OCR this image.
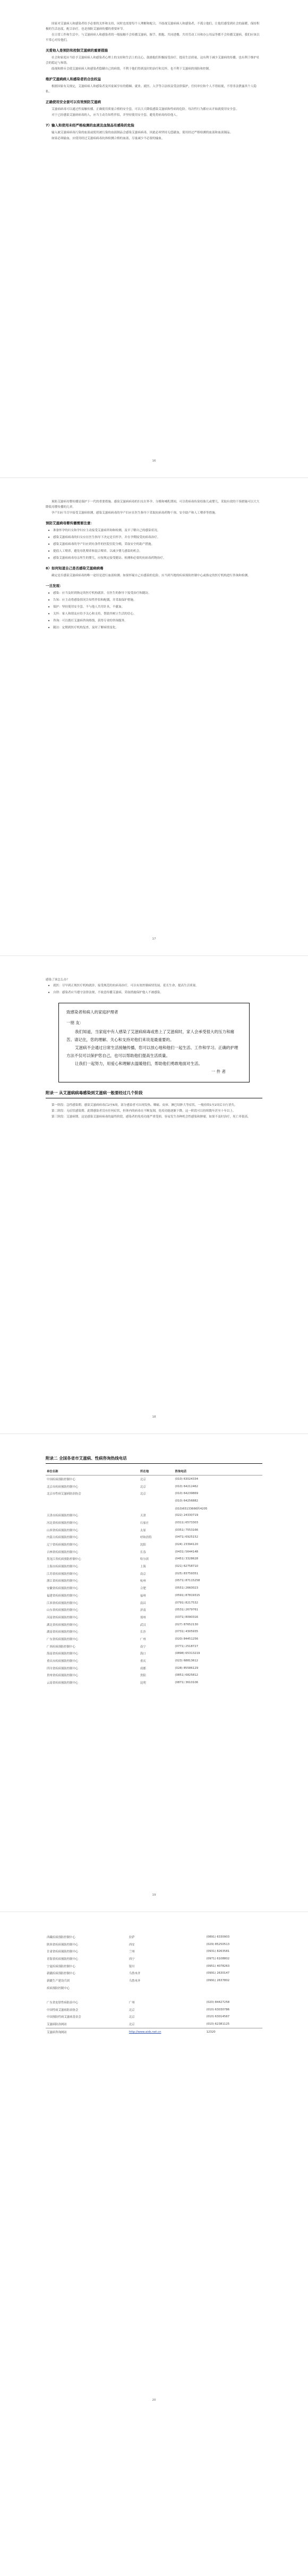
国家对艾滋病人和感染者给予必要的关怀和支持，同时也需要每个人理解和配合，不歧视艾滋病病人和感染者，不孤立他们，让他们感受到社会的温暖，保持积极的生活态度，配合治疗，也是预防艾滋病传播的重要环节。

在日常工作和生活中，与艾滋病病人和感染者的一般接触不会传播艾滋病，握手、拥抱、共同进餐、共用劳动工具和办公用品等都不会传播艾滋病，我们应该以平常心对待他们。

关爱他人是预防和控制艾滋病的重要措施

社会和家庭应当给予艾滋病病人和感染者心理上的支持和生活上的关心，鼓励他们积极接受治疗，提高生活质量，这有利于减少艾滋病的传播，也有利于维护社会的稳定与和谐。

歧视和排斥会使艾滋病病人和感染者隐瞒自己的病情，不利于他们得到及时的治疗和关怀，也不利于艾滋病的预防和控制。

维护艾滋病病人和感染者的合法权益

根据国家有关规定，艾滋病病人和感染者及其家属享有的婚姻、就业、就医、入学等合法权益受法律保护，任何单位和个人不得歧视，不得非法泄露其个人隐私。

正确使用安全套可以有效预防艾滋病

艾滋病病毒可以通过性接触传播，正确使用质量合格的安全套，可以大大降低感染艾滋病和性病的危险。每次性行为都应从开始就使用安全套。

对于已经感染艾滋病病毒的人，应当主动告知性伴侣，并坚持使用安全套，避免将病毒传给他人。

7）输入和使用未经严格检测的血液及血制品有感染的危险

输入被艾滋病病毒污染的血液或使用被污染的血液制品会感染艾滋病病毒，因此必须坚持无偿献血，使用经过严格检测的血液和血液制品。

如果必须输血，应使用经过艾滋病病毒抗体检测合格的血液，尽量减少不必要的输血。

16

预防艾滋病母婴传播是保护下一代的重要措施。感染艾滋病病毒的妇女在怀孕、分娩和哺乳期间，可以将病毒传染给胎儿或婴儿，采取有效的干预措施可以大大降低母婴传播的几率。

孕产妇应当尽早接受艾滋病检测，感染艾滋病病毒的孕产妇应在医生指导下采取抗病毒药物干预、安全助产和人工喂养等措施。

预防艾滋病母婴传播需要注意：
• 准备怀孕的妇女和孕妇应主动接受艾滋病咨询和检测，及早了解自己的感染状况。
• 感染艾滋病病毒的妇女应在医生指导下决定是否怀孕，并在孕期接受抗病毒治疗。
• 感染艾滋病病毒的孕产妇应到有条件的医院住院分娩，采取安全的助产措施。
• 提倡人工喂养，避免母乳喂养和混合喂养，以减少婴儿感染的机会。
• 感染艾滋病病毒母亲所生的婴儿，应按规定接受随访、检测和必要的抗病毒药物治疗。
8）如何知道自己是否感染艾滋病病毒

确定是否感染艾滋病病毒的唯一途径是进行血液检测。如果怀疑自己有感染的危险，应当到当地的疾病预防控制中心或指定的医疗机构进行咨询和检测。

一旦发现：
• 感染：应当及时到指定的医疗机构就诊，在医生的指导下接受治疗和随访。
• 告知：应主动将感染情况告知性伴侣和配偶，并采取保护措施。
• 保护：坚持使用安全套，不与他人共用针具，不献血。
• 关怀：家人和朋友应给予关心和支持，帮助其树立生活的信心。
• 咨询：可以拨打艾滋病咨询热线，获得专业的咨询服务。
• 随访：定期到医疗机构复查，及时了解病情变化。
17
感染了该怎么办？
• 就医：尽早到正规医疗机构就诊，接受规范的抗病毒治疗，可以有效控制病情发展，延长生命，提高生活质量。
• 自律：感染者应当遵守法律法规，不故意传播艾滋病，采取措施保护他人不被感染。
致感染者和病人的家庭护理者
一朋 友：

我们知道，当家庭中有人感染了艾滋病病毒或患上了艾滋病时，家人会承受很大的压力和痛苦。请记住，您的理解、关心和支持对他们来说是最重要的。

艾滋病不会通过日常生活接触传播，您可以放心地和他们一起生活、工作和学习。正确的护理方法不仅可以保护您自己，也可以帮助他们提高生活质量。

让我们一起努力，用爱心和理解去温暖他们，帮助他们勇敢地面对生活。

一 件 者
附录一 从艾滋病病毒感染到艾滋病一般要经过几个阶段

第一阶段：急性感染期。感染艾滋病病毒后2至6周，部分感染者可出现发热、咽痛、皮疹、淋巴结肿大等症状，一般持续1至2周后自行消失。

第二阶段：无症状感染期。此期感染者没有任何症状，但体内的病毒在不断复制，免疫功能逐渐下降，这一阶段可以持续数年甚至十年以上。

第三阶段：艾滋病期。这是感染艾滋病病毒的最终阶段，感染者的免疫功能严重受损，容易发生各种机会性感染和肿瘤，如果不及时治疗，死亡率很高。

18
附录二 全国各省市艾滋病、性病咨询热线电话
单位名称	所在地	咨询电话
中国疾病预防控制中心	北京	(010) 63024334
北京市疾病预防控制中心	北京	(010) 64212462
北京市性病艾滋病防治协会	北京	(010) 64239869
		(010) 64256882
		(010)65133666转4205
天津市疾病预防控制中心	天津	(022) 24330719
河北省疾病预防控制中心	石家庄	(0311) 6573303
山西省疾病预防控制中心	太原	(0351) 7553166
内蒙古疾病预防控制中心	呼和浩特	(0471) 6925152
辽宁省疾病预防控制中心	沈阳	(024) 23394120
吉林省疾病预防控制中心	长春	(0431) 5644148
黑龙江省疾病预防控制中心	哈尔滨	(0451) 3328628
上海市疾病预防控制中心	上海	(021) 62758710
江苏省疾病预防控制中心	南京	(025) 83759351
浙江省疾病预防控制中心	杭州	(0571) 87115258
安徽省疾病预防控制中心	合肥	(0551) 2660023
福建省疾病预防控制中心	福州	(0591) 87819315
江西省疾病预防控制中心	南昌	(0791) 8217532
山东省疾病预防控制中心	济南	(0531) 2679761
河南省疾病预防控制中心	郑州	(0371) 8090316
湖北省疾病预防控制中心	武汉	(027) 87652130
湖南省疾病预防控制中心	长沙	(0731) 4305935
广东省疾病预防控制中心	广州	(020) 84451256
广西疾病预防控制中心	南宁	(0771) 2518727
海南省疾病预防控制中心	海口	(0898) 65313219
重庆市疾病预防控制中心	重庆	(023) 68813612
四川省疾病预防控制中心	成都	(028) 85586129
贵州省疾病预防控制中心	贵阳	(0851) 6825812
云南省疾病预防控制中心	昆明	(0871) 3610106
19
西藏疾病预防控制中心	拉萨	(0891) 6330903
陕西省疾病预防控制中心	西安	(029) 85250513
甘肃省疾病预防控制中心	兰州	(0931) 8263581
青海省疾病预防控制中心	西宁	(0971) 6108802
宁夏疾病预防控制中心	银川	(0951) 4078263
新疆疾病预防控制中心	乌鲁木齐	(0991) 2630147
新疆生产建设兵团	乌鲁木齐	(0991) 2637802
疾病预防控制中心		

广东省皮肤性病防治中心	广州	(020) 84427258
中国性病艾滋病防治协会	北京	(010) 63030786
中国预防性病艾滋病基金会	北京	(010) 63014567
艾滋病防治网站	北京	(010) 62381125
艾滋病咨询网站	http://www.aids.net.cn	12320
20
